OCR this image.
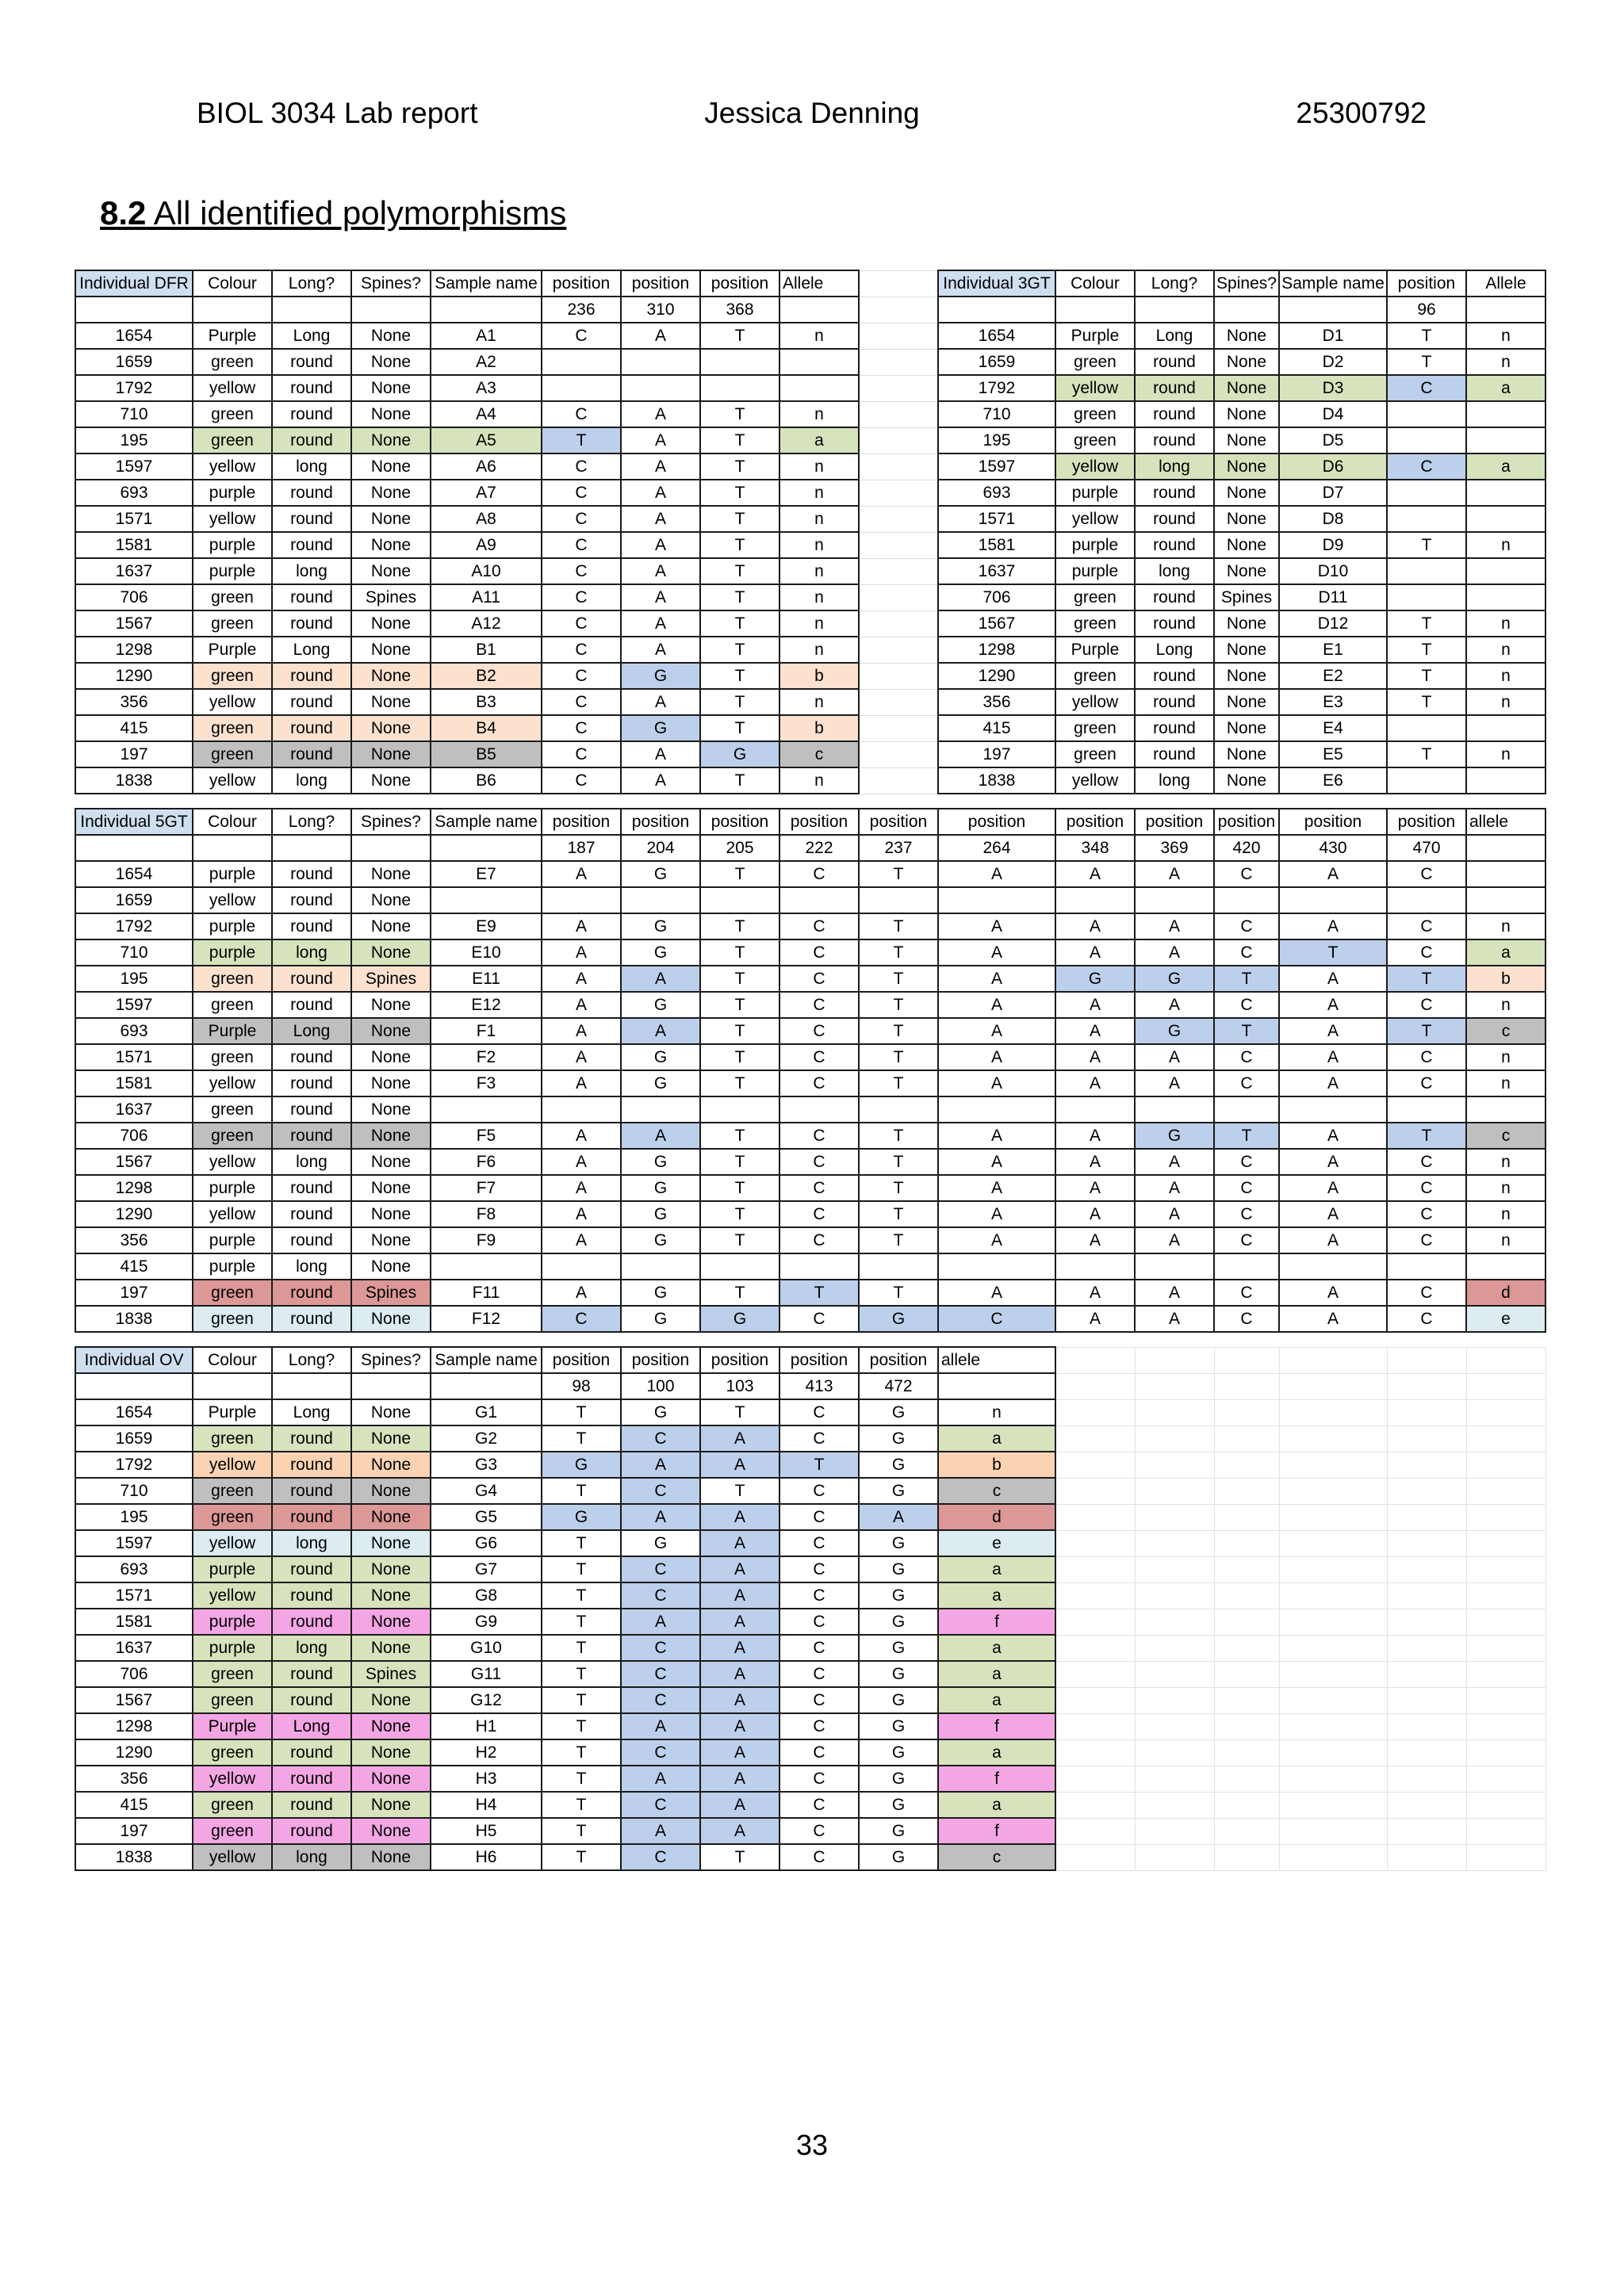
BIOL 3034 Lab report	Jessica Denning	25300792
8.2 All identified polymorphisms
Individual DFR	Colour	Long?	Spines?	Sample name	position	position	position	Allele		Individual 3GT	Colour	Long?	Spines?	Sample name	position	Allele
					236	310	368								96	
1654	Purple	Long	None	A1	C	A	T	n		1654	Purple	Long	None	D1	T	n
1659	green	round	None	A2						1659	green	round	None	D2	T	n
1792	yellow	round	None	A3						1792	yellow	round	None	D3	C	a
710	green	round	None	A4	C	A	T	n		710	green	round	None	D4		
195	green	round	None	A5	T	A	T	a		195	green	round	None	D5		
1597	yellow	long	None	A6	C	A	T	n		1597	yellow	long	None	D6	C	a
693	purple	round	None	A7	C	A	T	n		693	purple	round	None	D7		
1571	yellow	round	None	A8	C	A	T	n		1571	yellow	round	None	D8		
1581	purple	round	None	A9	C	A	T	n		1581	purple	round	None	D9	T	n
1637	purple	long	None	A10	C	A	T	n		1637	purple	long	None	D10		
706	green	round	Spines	A11	C	A	T	n		706	green	round	Spines	D11		
1567	green	round	None	A12	C	A	T	n		1567	green	round	None	D12	T	n
1298	Purple	Long	None	B1	C	A	T	n		1298	Purple	Long	None	E1	T	n
1290	green	round	None	B2	C	G	T	b		1290	green	round	None	E2	T	n
356	yellow	round	None	B3	C	A	T	n		356	yellow	round	None	E3	T	n
415	green	round	None	B4	C	G	T	b		415	green	round	None	E4		
197	green	round	None	B5	C	A	G	c		197	green	round	None	E5	T	n
1838	yellow	long	None	B6	C	A	T	n		1838	yellow	long	None	E6		
Individual 5GT	Colour	Long?	Spines?	Sample name	position	position	position	position	position	position	position	position	position	position	position	allele
					187	204	205	222	237	264	348	369	420	430	470	
1654	purple	round	None	E7	A	G	T	C	T	A	A	A	C	A	C	
1659	yellow	round	None													
1792	purple	round	None	E9	A	G	T	C	T	A	A	A	C	A	C	n
710	purple	long	None	E10	A	G	T	C	T	A	A	A	C	T	C	a
195	green	round	Spines	E11	A	A	T	C	T	A	G	G	T	A	T	b
1597	green	round	None	E12	A	G	T	C	T	A	A	A	C	A	C	n
693	Purple	Long	None	F1	A	A	T	C	T	A	A	G	T	A	T	c
1571	green	round	None	F2	A	G	T	C	T	A	A	A	C	A	C	n
1581	yellow	round	None	F3	A	G	T	C	T	A	A	A	C	A	C	n
1637	green	round	None													
706	green	round	None	F5	A	A	T	C	T	A	A	G	T	A	T	c
1567	yellow	long	None	F6	A	G	T	C	T	A	A	A	C	A	C	n
1298	purple	round	None	F7	A	G	T	C	T	A	A	A	C	A	C	n
1290	yellow	round	None	F8	A	G	T	C	T	A	A	A	C	A	C	n
356	purple	round	None	F9	A	G	T	C	T	A	A	A	C	A	C	n
415	purple	long	None													
197	green	round	Spines	F11	A	G	T	T	T	A	A	A	C	A	C	d
1838	green	round	None	F12	C	G	G	C	G	C	A	A	C	A	C	e
Individual OV	Colour	Long?	Spines?	Sample name	position	position	position	position	position	allele						
					98	100	103	413	472							
1654	Purple	Long	None	G1	T	G	T	C	G	n						
1659	green	round	None	G2	T	C	A	C	G	a						
1792	yellow	round	None	G3	G	A	A	T	G	b						
710	green	round	None	G4	T	C	T	C	G	c						
195	green	round	None	G5	G	A	A	C	A	d						
1597	yellow	long	None	G6	T	G	A	C	G	e						
693	purple	round	None	G7	T	C	A	C	G	a						
1571	yellow	round	None	G8	T	C	A	C	G	a						
1581	purple	round	None	G9	T	A	A	C	G	f						
1637	purple	long	None	G10	T	C	A	C	G	a						
706	green	round	Spines	G11	T	C	A	C	G	a						
1567	green	round	None	G12	T	C	A	C	G	a						
1298	Purple	Long	None	H1	T	A	A	C	G	f						
1290	green	round	None	H2	T	C	A	C	G	a						
356	yellow	round	None	H3	T	A	A	C	G	f						
415	green	round	None	H4	T	C	A	C	G	a						
197	green	round	None	H5	T	A	A	C	G	f						
1838	yellow	long	None	H6	T	C	T	C	G	c						
33
